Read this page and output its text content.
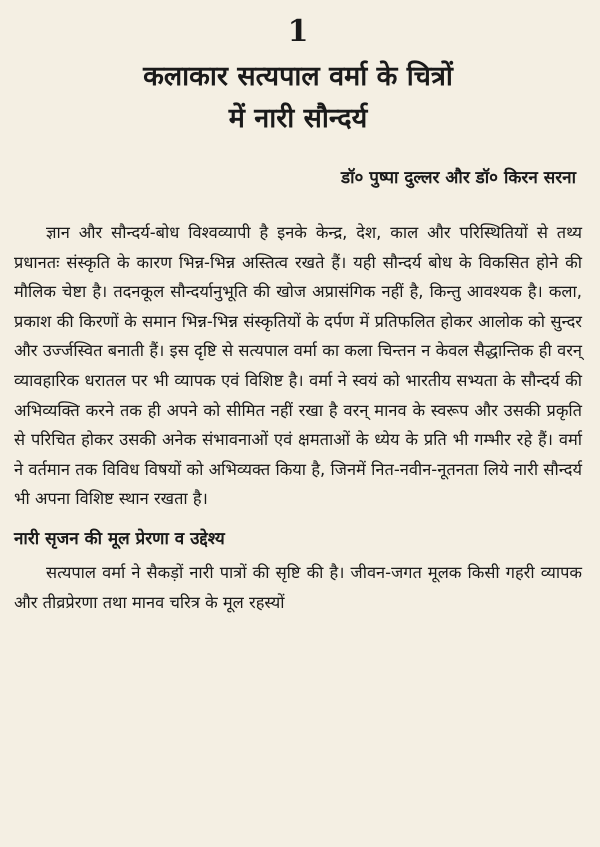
1
कलाकार सत्यपाल वर्मा के चित्रों
में नारी सौन्दर्य
डॉ० पुष्पा दुल्लर और डॉ० किरन सरना

ज्ञान और सौन्दर्य-बोध विश्वव्यापी है इनके केन्द्र, देश, काल और परिस्थितियों से तथ्य प्रधानतः संस्कृति के कारण भिन्न-भिन्न अस्तित्व रखते हैं। यही सौन्दर्य बोध के विकसित होने की मौलिक चेष्टा है। तदनकूल सौन्दर्यानुभूति की खोज अप्रासंगिक नहीं है, किन्तु आवश्यक है। कला, प्रकाश की किरणों के समान भिन्न-भिन्न संस्कृतियों के दर्पण में प्रतिफलित होकर आलोक को सुन्दर और उर्ज्जस्वित बनाती हैं। इस दृष्टि से सत्यपाल वर्मा का कला चिन्तन न केवल सैद्धान्तिक ही वरन् व्यावहारिक धरातल पर भी व्यापक एवं विशिष्ट है। वर्मा ने स्वयं को भारतीय सभ्यता के सौन्दर्य की अभिव्यक्ति करने तक ही अपने को सीमित नहीं रखा है वरन् मानव के स्वरूप और उसकी प्रकृति से परिचित होकर उसकी अनेक संभावनाओं एवं क्षमताओं के ध्येय के प्रति भी गम्भीर रहे हैं। वर्मा ने वर्तमान तक विविध विषयों को अभिव्यक्त किया है, जिनमें नित-नवीन-नूतनता लिये नारी सौन्दर्य भी अपना विशिष्ट स्थान रखता है।

नारी सृजन की मूल प्रेरणा व उद्देश्य

सत्यपाल वर्मा ने सैकड़ों नारी पात्रों की सृष्टि की है। जीवन-जगत मूलक किसी गहरी व्यापक और तीव्रप्रेरणा तथा मानव चरित्र के मूल रहस्यों
